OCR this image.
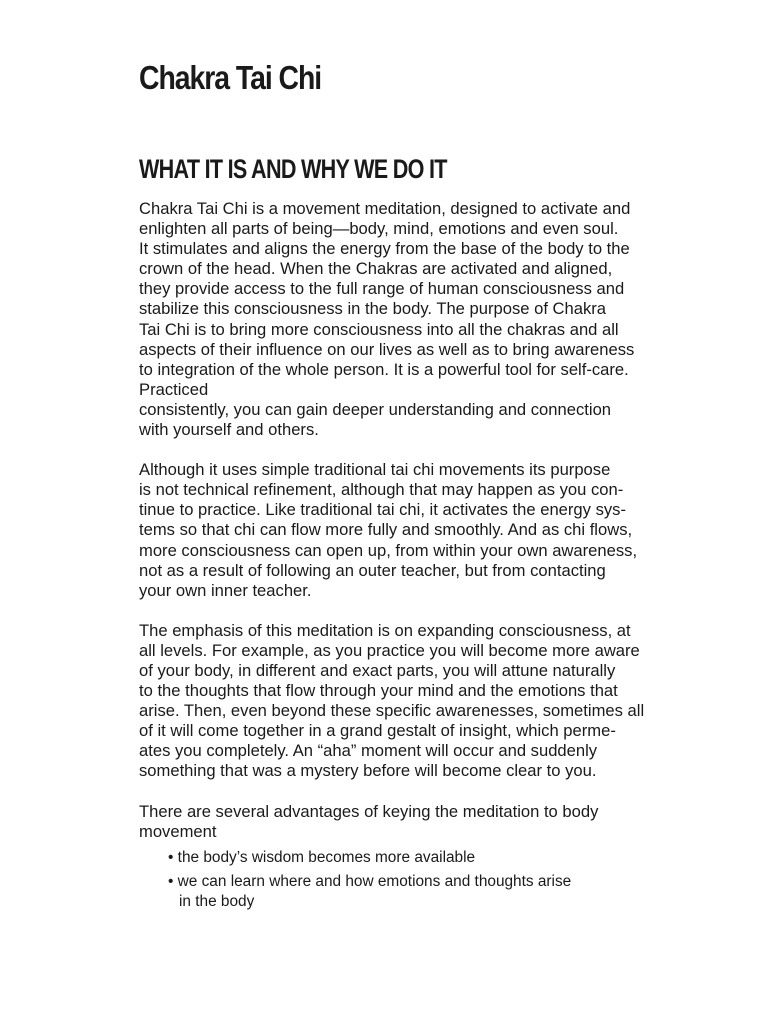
Chakra Tai Chi
WHAT IT IS AND WHY WE DO IT

Chakra Tai Chi is a movement meditation, designed to activate and
enlighten all parts of being—body, mind, emotions and even soul.
It stimulates and aligns the energy from the base of the body to the
crown of the head. When the Chakras are activated and aligned,
they provide access to the full range of human consciousness and
stabilize this consciousness in the body. The purpose of Chakra
Tai Chi is to bring more consciousness into all the chakras and all
aspects of their influence on our lives as well as to bring awareness
to integration of the whole person. It is a powerful tool for self-care.
Practiced
consistently, you can gain deeper understanding and connection
with yourself and others.

Although it uses simple traditional tai chi movements its purpose
is not technical refinement, although that may happen as you con-
tinue to practice. Like traditional tai chi, it activates the energy sys-
tems so that chi can flow more fully and smoothly. And as chi flows,
more consciousness can open up, from within your own awareness,
not as a result of following an outer teacher, but from contacting
your own inner teacher.

The emphasis of this meditation is on expanding consciousness, at
all levels. For example, as you practice you will become more aware
of your body, in different and exact parts, you will attune naturally
to the thoughts that flow through your mind and the emotions that
arise. Then, even beyond these specific awarenesses, sometimes all
of it will come together in a grand gestalt of insight, which perme-
ates you completely. An “aha” moment will occur and suddenly
something that was a mystery before will become clear to you.

There are several advantages of keying the meditation to body
movement

• the body’s wisdom becomes more available
• we can learn where and how emotions and thoughts arise
in the body
